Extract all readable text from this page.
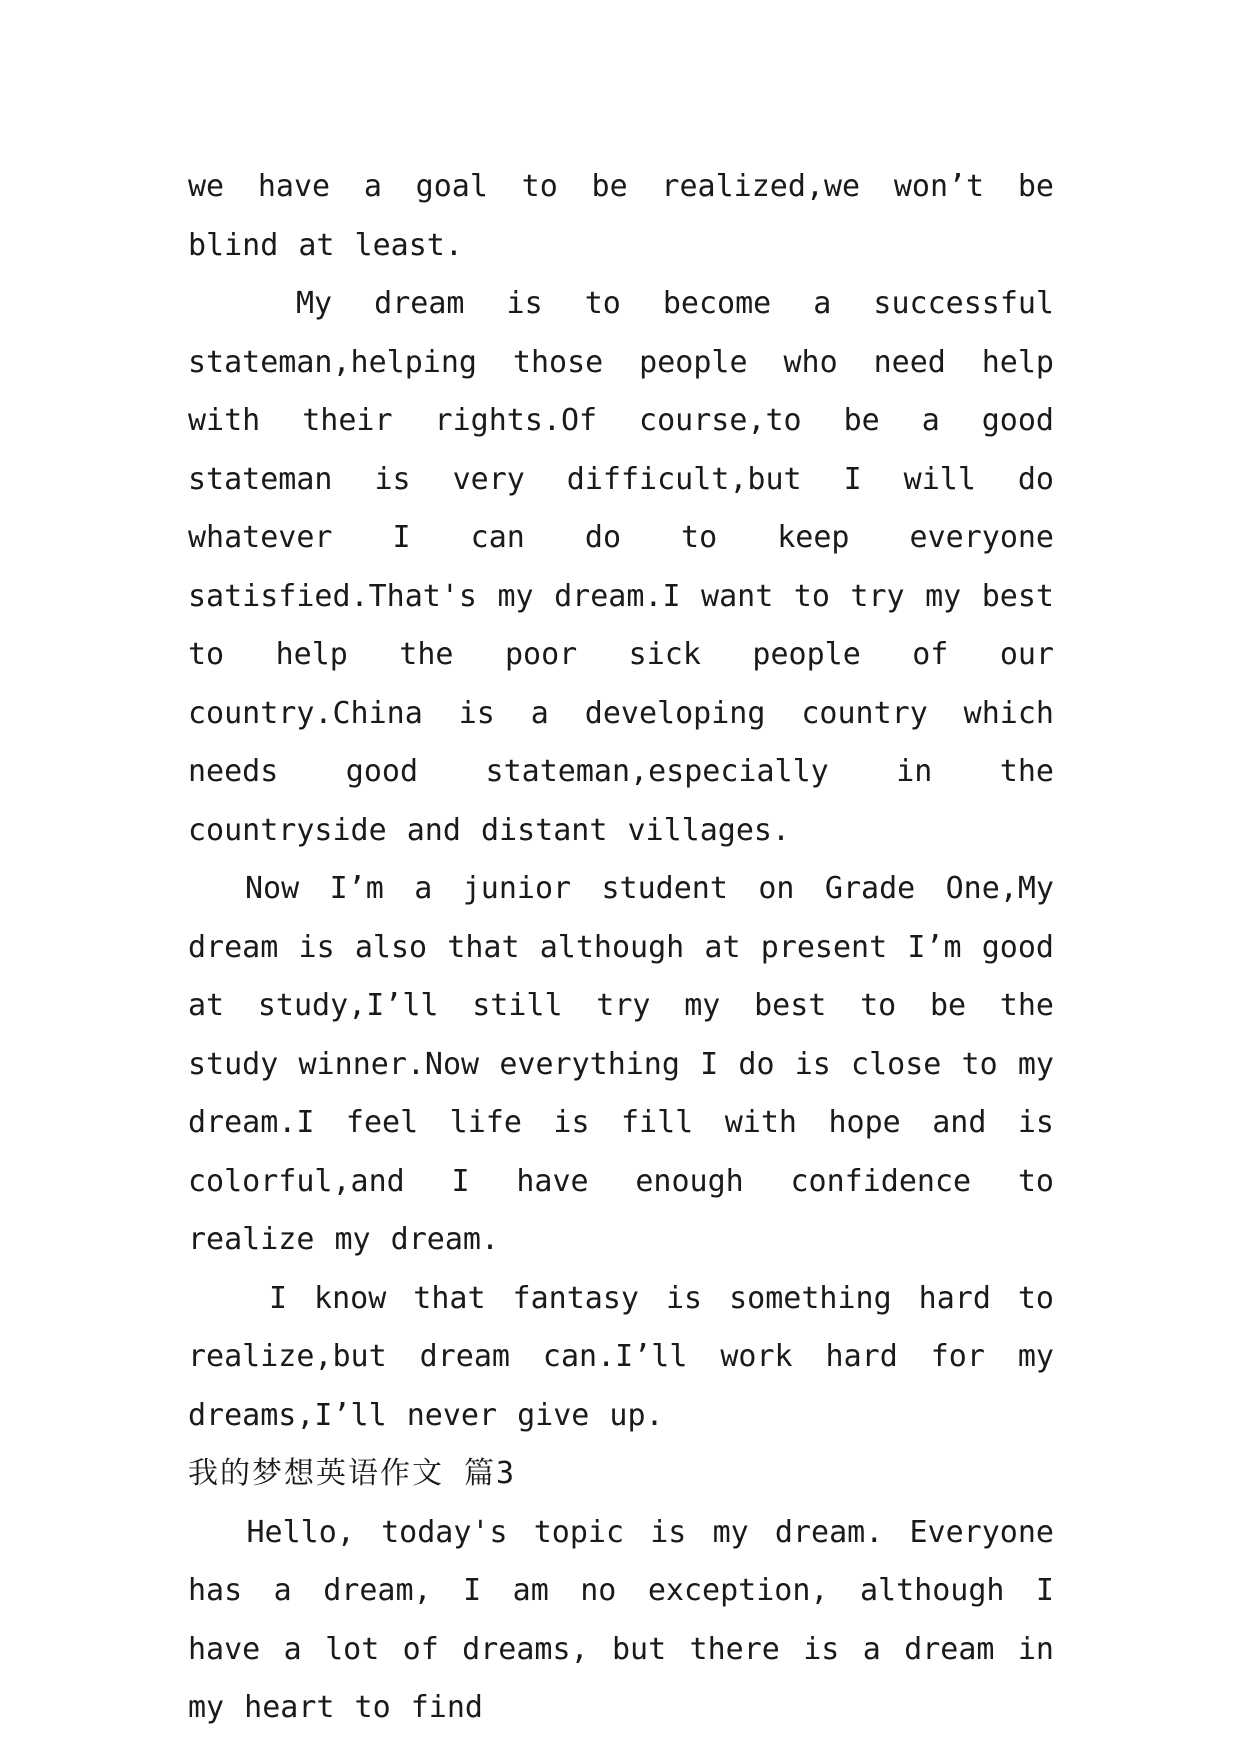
we have a goal to be realized,we won’t be blind at least.

My dream is to become a successful stateman,helping those people who need help with their rights.Of course,to be a good stateman is very difficult,but I will do whatever I can do to keep everyone satisfied.That's my dream.I want to try my best to help the poor sick people of our country.China is a developing country which needs good stateman,especially in the countryside and distant villages.

Now I’m a junior student on Grade One,My dream is also that although at present I’m good at study,I’ll still try my best to be the study winner.Now everything I do is close to my dream.I feel life is fill with hope and is colorful,and I have enough confidence to realize my dream.

I know that fantasy is something hard to realize,but dream can.I’ll work hard for my dreams,I’ll never give up.

我的梦想英语作文 篇3

Hello, today's topic is my dream. Everyone has a dream, I am no exception, although I have a lot of dreams, but there is a dream in my heart to find
